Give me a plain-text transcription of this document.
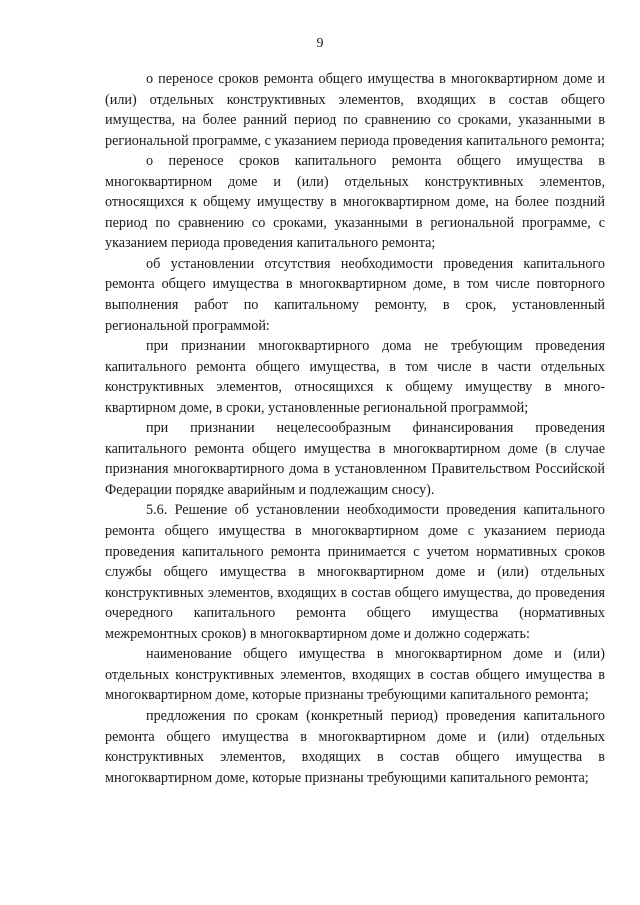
9

о переносе сроков ремонта общего имущества в многоквартирном доме и (или) отдельных конструктивных элементов, входящих в состав общего имущества, на более ранний период по сравнению со сроками, указанными в региональной программе, с указанием периода проведения капитального ремонта;

о переносе сроков капитального ремонта общего имущества в многоквартирном доме и (или) отдельных конструктивных элементов, относящихся к общему имуществу в многоквартирном доме, на более поздний период по сравнению со сроками, указанными в региональной программе, с указанием периода проведения капитального ремонта;

об установлении отсутствия необходимости проведения капитального ремонта общего имущества в многоквартирном доме, в том числе повторного выполнения работ по капитальному ремонту, в срок, установленный региональной программой:

при признании многоквартирного дома не требующим проведения капитального ремонта общего имущества, в том числе в части отдельных конструктивных элементов, относящихся к общему имуществу в многоквартирном доме, в сроки, установленные региональной программой;

при признании нецелесообразным финансирования проведения капитального ремонта общего имущества в многоквартирном доме (в случае признания многоквартирного дома в установленном Правительством Российской Федерации порядке аварийным и подлежащим сносу).

5.6. Решение об установлении необходимости проведения капитального ремонта общего имущества в многоквартирном доме с указанием периода проведения капитального ремонта принимается с учетом нормативных сроков службы общего имущества в многоквартирном доме и (или) отдельных конструктивных элементов, входящих в состав общего имущества, до проведения очередного капитального ремонта общего имущества (нормативных межремонтных сроков) в многоквартирном доме и должно содержать:

наименование общего имущества в многоквартирном доме и (или) отдельных конструктивных элементов, входящих в состав общего имущества в многоквартирном доме, которые признаны требующими капитального ремонта;

предложения по срокам (конкретный период) проведения капитального ремонта общего имущества в многоквартирном доме и (или) отдельных конструктивных элементов, входящих в состав общего имущества в многоквартирном доме, которые признаны требующими капитального ремонта;
